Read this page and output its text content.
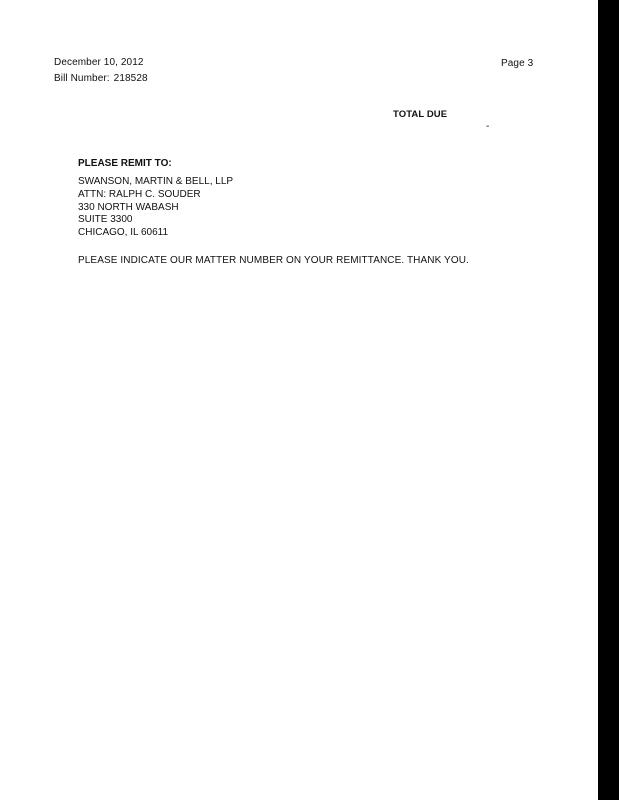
December 10, 2012
Bill Number: 218528
Page 3
TOTAL DUE
-
PLEASE REMIT TO:
SWANSON, MARTIN & BELL, LLP
ATTN: RALPH C. SOUDER
330 NORTH WABASH
SUITE 3300
CHICAGO, IL 60611
PLEASE INDICATE OUR MATTER NUMBER ON YOUR REMITTANCE. THANK YOU.
